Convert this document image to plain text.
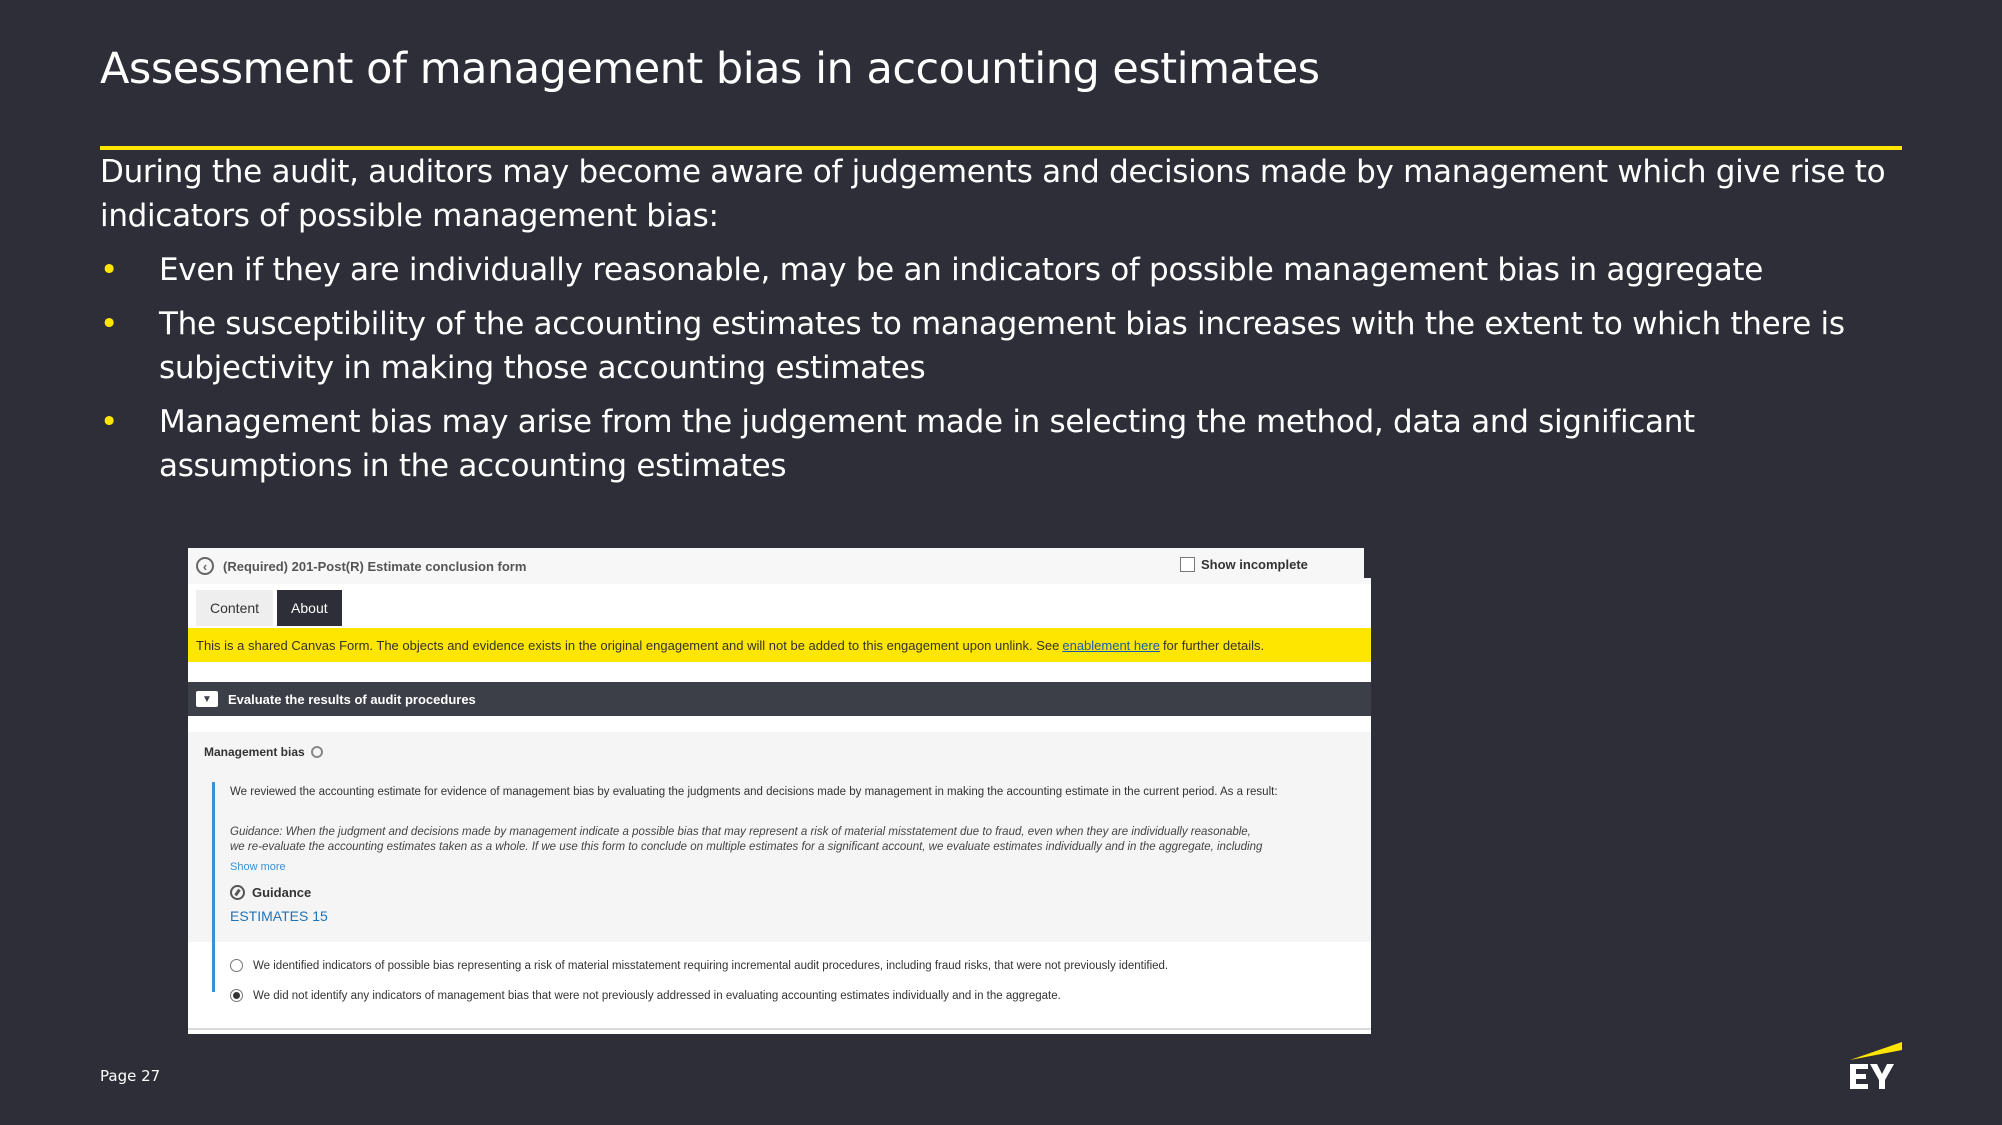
Assessment of management bias in accounting estimates

During the audit, auditors may become aware of judgements and decisions made by management which give rise to indicators of possible management bias:

• Even if they are individually reasonable, may be an indicators of possible management bias in aggregate
• The susceptibility of the accounting estimates to management bias increases with the extent to which there is subjectivity in making those accounting estimates
• Management bias may arise from the judgement made in selecting the method, data and significant assumptions in the accounting estimates
‹	(Required) 201-Post(R) Estimate conclusion form	Show incomplete
Content	About
This is a shared Canvas Form. The objects and evidence exists in the original engagement and will not be added to this engagement upon unlink. See enablement here for further details.
▼	Evaluate the results of audit procedures
Management bias
We reviewed the accounting estimate for evidence of management bias by evaluating the judgments and decisions made by management in making the accounting estimate in the current period. As a result:
Guidance: When the judgment and decisions made by management indicate a possible bias that may represent a risk of material misstatement due to fraud, even when they are individually reasonable,
we re-evaluate the accounting estimates taken as a whole. If we use this form to conclude on multiple estimates for a significant account, we evaluate estimates individually and in the aggregate, including
Show more
Guidance
ESTIMATES 15
We identified indicators of possible bias representing a risk of material misstatement requiring incremental audit procedures, including fraud risks, that were not previously identified.
We did not identify any indicators of management bias that were not previously addressed in evaluating accounting estimates individually and in the aggregate.
Page 27
